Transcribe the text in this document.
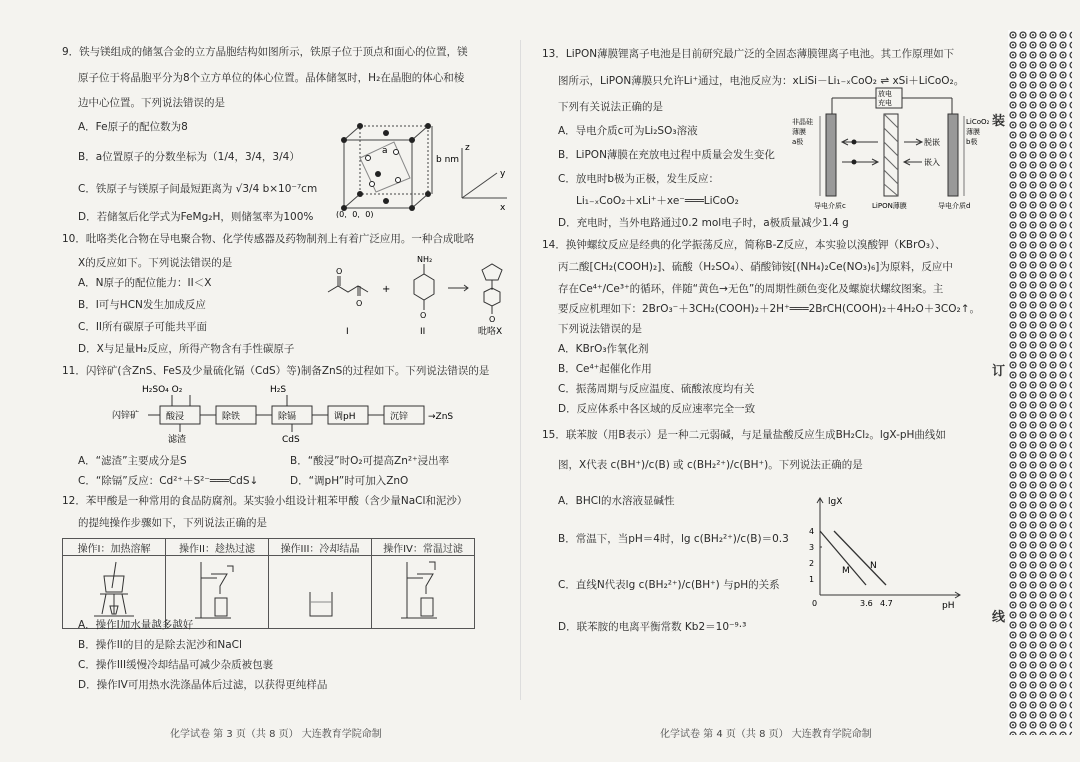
9．铁与镁组成的储氢合金的立方晶胞结构如图所示，铁原子位于顶点和面心的位置，镁
原子位于将晶胞平分为8个立方单位的体心位置。晶体储氢时，H₂在晶胞的体心和棱
边中心位置。下列说法错误的是
A．Fe原子的配位数为8
B．a位置原子的分数坐标为（1/4，3/4，3/4）
C．铁原子与镁原子间最短距离为 √3/4 b×10⁻⁷cm
D．若储氢后化学式为FeMg₂H，则储氢率为100%
b nm
a
(0，0，0)
z
y
x
10．吡咯类化合物在导电聚合物、化学传感器及药物制剂上有着广泛应用。一种合成吡咯
X的反应如下。下列说法错误的是
A．N原子的配位能力：II＜X
B．I可与HCN发生加成反应
C．II所有碳原子可能共平面
D．X与足量H₂反应，所得产物含有手性碳原子
O
O
+
NH₂
O	O
I	II	吡咯X
11．闪锌矿(含ZnS、FeS及少量硫化镉（CdS）等)制备ZnS的过程如下。下列说法错误的是
H₂SO₄ O₂	H₂S
闪锌矿	酸浸	除铁	除镉	调pH	沉锌 →ZnS
滤渣	CdS
A．“滤渣”主要成分是S	B．“酸浸”时O₂可提高Zn²⁺浸出率
C．“除镉”反应：Cd²⁺＋S²⁻═══CdS↓	D．“调pH”时可加入ZnO
12．苯甲酸是一种常用的食品防腐剂。某实验小组设计粗苯甲酸（含少量NaCl和泥沙）
的提纯操作步骤如下，下列说法正确的是
操作I：加热溶解	操作II：趁热过滤	操作III：冷却结晶	操作IV：常温过滤

A．操作I加水量越多越好
B．操作II的目的是除去泥沙和NaCl
C．操作III缓慢冷却结晶可减少杂质被包裹
D．操作IV可用热水洗涤晶体后过滤，以获得更纯样品
化学试卷 第 3 页（共 8 页） 大连教育学院命制
13．LiPON薄膜锂离子电池是目前研究最广泛的全固态薄膜锂离子电池。其工作原理如下
图所示，LiPON薄膜只允许Li⁺通过，电池反应为：xLiSi－Li₁₋ₓCoO₂ ⇌ xSi＋LiCoO₂。
下列有关说法正确的是
A．导电介质c可为Li₂SO₃溶液
B．LiPON薄膜在充放电过程中质量会发生变化
C．放电时b极为正极，发生反应：
Li₁₋ₓCoO₂＋xLi⁺＋xe⁻═══LiCoO₂
D．充电时，当外电路通过0.2 mol电子时，a极质量减少1.4 g
放电
充电
非晶硅
薄膜
a极
LiCoO₂
薄膜
b极
脱嵌
嵌入
导电介质c	LiPON薄膜	导电介质d
14．换钟螺纹反应是经典的化学振荡反应，简称B-Z反应，本实验以溴酸钾（KBrO₃）、
丙二酸[CH₂(COOH)₂]、硫酸（H₂SO₄）、硝酸铈铵[(NH₄)₂Ce(NO₃)₆]为原料，反应中
存在Ce⁴⁺/Ce³⁺的循环，伴随“黄色→无色”的周期性颜色变化及螺旋状螺纹图案。主
要反应机理如下：2BrO₃⁻＋3CH₂(COOH)₂＋2H⁺═══2BrCH(COOH)₂＋4H₂O＋3CO₂↑。
下列说法错误的是
A．KBrO₃作氧化剂
B．Ce⁴⁺起催化作用
C．振荡周期与反应温度、硫酸浓度均有关
D．反应体系中各区域的反应速率完全一致
15．联苯胺（用B表示）是一种二元弱碱，与足量盐酸反应生成BH₂Cl₂。lgX-pH曲线如
图，X代表 c(BH⁺)/c(B) 或 c(BH₂²⁺)/c(BH⁺)。下列说法正确的是
A．BHCl的水溶液显碱性
B．常温下，当pH＝4时，lg c(BH₂²⁺)/c(B)＝0.3
C．直线N代表lg c(BH₂²⁺)/c(BH⁺) 与pH的关系
D．联苯胺的电离平衡常数 Kb2＝10⁻⁹·³
lgX
pH
4
3
2
1
0	3.6 4.7
M N
化学试卷 第 4 页（共 8 页） 大连教育学院命制
装
订
线
